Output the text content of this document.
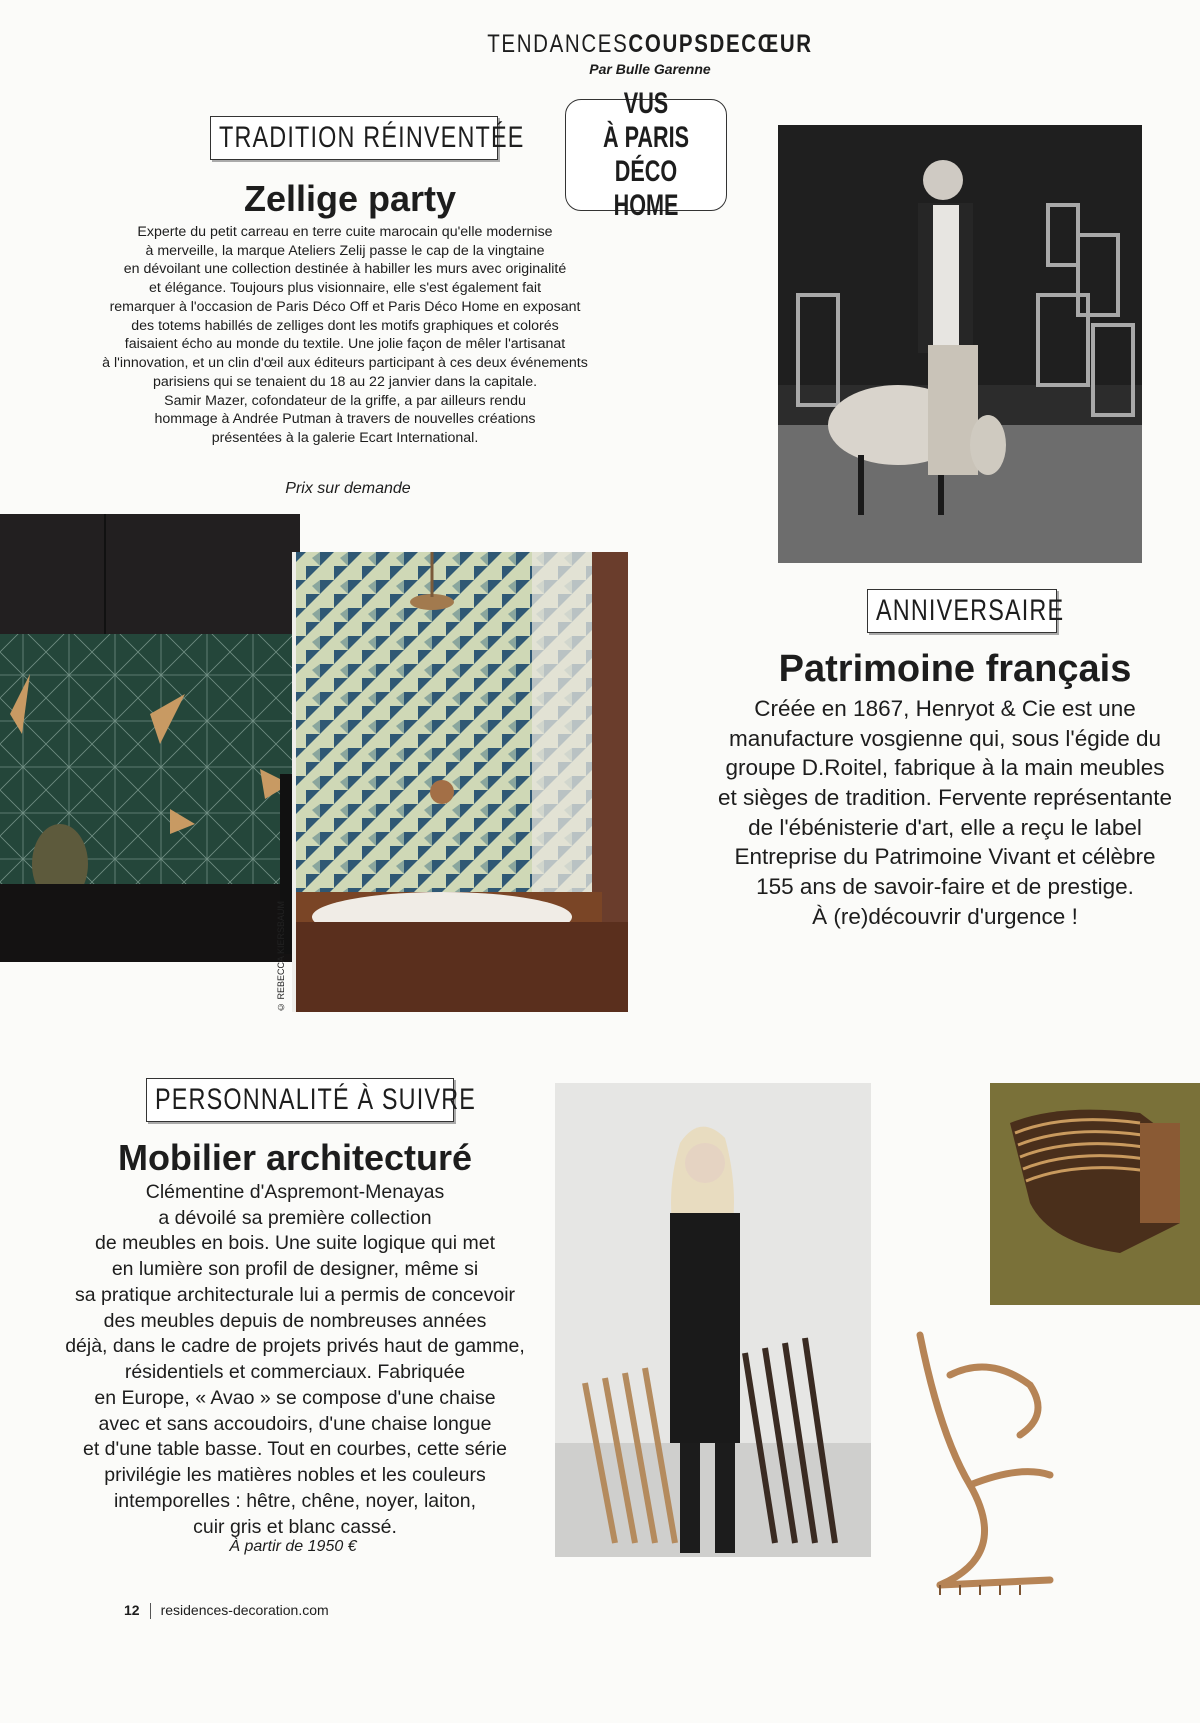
TENDANCESCOUPSDECŒUR
Par Bulle Garenne
TRADITION RÉINVENTÉE
Zellige party
VUS
À PARIS DÉCO
HOME
Experte du petit carreau en terre cuite marocain qu'elle modernise
à merveille, la marque Ateliers Zelij passe le cap de la vingtaine
en dévoilant une collection destinée à habiller les murs avec originalité
et élégance. Toujours plus visionnaire, elle s'est également fait
remarquer à l'occasion de Paris Déco Off et Paris Déco Home en exposant
des totems habillés de zelliges dont les motifs graphiques et colorés
faisaient écho au monde du textile. Une jolie façon de mêler l'artisanat
à l'innovation, et un clin d'œil aux éditeurs participant à ces deux événements
parisiens qui se tenaient du 18 au 22 janvier dans la capitale.
Samir Mazer, cofondateur de la griffe, a par ailleurs rendu
hommage à Andrée Putman à travers de nouvelles créations
présentées à la galerie Ecart International.
Prix sur demande
© REBECCA KIERSBAUM
ANNIVERSAIRE
Patrimoine français
Créée en 1867, Henryot & Cie est une
manufacture vosgienne qui, sous l'égide du
groupe D.Roitel, fabrique à la main meubles
et sièges de tradition. Fervente représentante
de l'ébénisterie d'art, elle a reçu le label
Entreprise du Patrimoine Vivant et célèbre
155 ans de savoir-faire et de prestige.
À (re)découvrir d'urgence !
PERSONNALITÉ À SUIVRE
Mobilier architecturé
Clémentine d'Aspremont-Menayas
a dévoilé sa première collection
de meubles en bois. Une suite logique qui met
en lumière son profil de designer, même si
sa pratique architecturale lui a permis de concevoir
des meubles depuis de nombreuses années
déjà, dans le cadre de projets privés haut de gamme,
résidentiels et commerciaux. Fabriquée
en Europe, « Avao » se compose d'une chaise
avec et sans accoudoirs, d'une chaise longue
et d'une table basse. Tout en courbes, cette série
privilégie les matières nobles et les couleurs
intemporelles : hêtre, chêne, noyer, laiton,
cuir gris et blanc cassé.
À partir de 1950 €
12 residences-decoration.com
